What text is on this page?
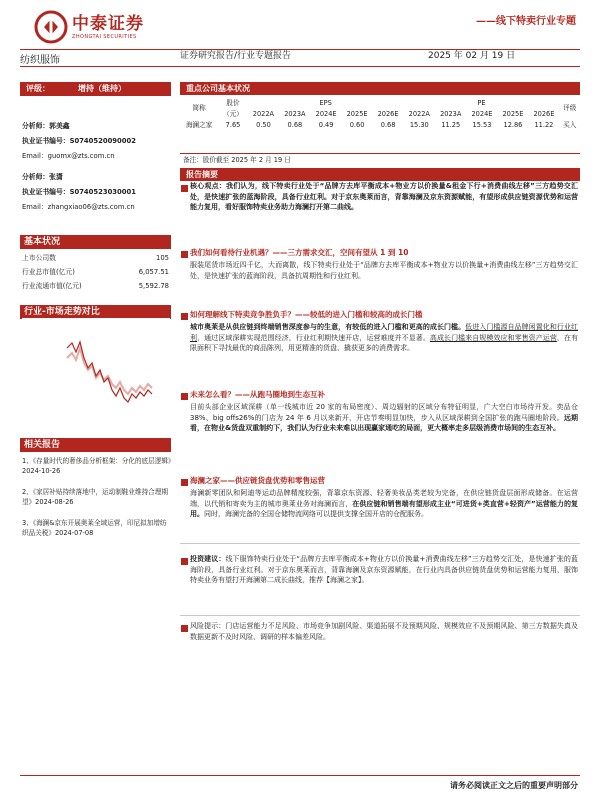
中泰证券
ZHONGTAI SECURITIES
——线下特卖行业专题
纺织服饰	证券研究报告/行业专题报告	2025 年 02 月 19 日
评级：	增持（维持）
分析师：郭美鑫
执业证书编号：S0740520090002
Email：guomx@zts.com.cn
分析师：张潇
执业证书编号：S0740523030001
Email：zhangxiao06@zts.com.cn
基本状况
上市公司数	105
行业总市值(亿元)	6,057.51
行业流通市值(亿元)	5,592.78
行业-市场走势对比
相关报告
1、《存量时代的奢侈品分析框架：分化的底层逻辑》2024-10-26
2、《家居补贴持续落地中，运动制鞋业维持合理期望》2024-08-26
3、《海澜&京东开展奥莱全域运营，印尼拟加增纺织品关税》2024-07-08
重点公司基本状况
简称	股价	EPS					PE					评级
	（元）	2022A	2023A	2024E	2025E	2026E	2022A	2023A	2024E	2025E	2026E	
海澜之家	7.65	0.50	0.68	0.49	0.60	0.68	15.30	11.25	15.53	12.86	11.22	买入
备注：股价截至 2025 年 2 月 19 日
报告摘要
核心观点：我们认为，线下特卖行业处于“品牌方去库平衡成本+物业方以价换量&租金下行+消费曲线左移”三方趋势交汇处，是快速扩张的蓝海阶段，具备行业红利。对于京东奥莱而言，背靠海澜及京东资源赋能，有望形成供应链资源优势和运营能力复用，看好服饰特卖业务助力海澜打开第二曲线。
我们如何看待行业机遇？——三方需求交汇，空间有望从 1 到 10
服装尾货市场近四千亿，大而离散，线下特卖行业处于“品牌方去库平衡成本+物业方以价换量+消费曲线左移”三方趋势交汇处，是快速扩张的蓝海阶段，具备抗周期性和行业红利。
如何理解线下特卖竞争胜负手？——较低的进入门槛和较高的成长门槛
城市奥莱是从供应链到终端销售深度参与的生意，有较低的进入门槛和更高的成长门槛。低进入门槛源自品牌闲置化和行业红利，通过区域深耕实现范围经济，行业红利期快速开店，运营难度并不显著。高成长门槛来自规模效应和零售资产运营，在有限面积下寻找最优的商品陈列，用更精准的货盘、撬获更多的消费需求。
未来怎么看？——从跑马圈地到生态互补
目前头部企业区域深耕（单一线城市近 20 家的布局密度）、周边辐射的区域分布特征明显，广大空白市场待开发。奕品仓 38%、big offs26%的门店为 24 年 6 月以来新开，开店节奏明显加快，步入从区域深耕到全国扩张的跑马圈地阶段。远期看，在物业&货盘双重制约下，我们认为行业未来难以出现赢家通吃的局面，更大概率走多层级消费市场间的生态互补。
海澜之家——供应链货盘优势和零售运营
海澜新零团队和阿迪等运动品牌精度较强，背靠京东资源、轻奢美妆品类老较为完备，在供应链货盘层面形成储备。在运营端，以代销和寄卖为主的城市奥莱业务对海澜而言，在供应链和销售端有望形成主业“可进货+类直营+轻资产”运营能力的复用。同时，海澜完备的全国仓储物流网络可以提供支撑全国开店的仓配服务。
投资建议：线下服饰特卖行业处于“品牌方去库平衡成本+物业方以价换量+消费曲线左移”三方趋势交汇处，是快速扩张的蓝海阶段，具备行业红利。对于京东奥莱而言，背靠海澜及京东资源赋能，在行业内具备供应链货盘优势和运营能力复用，服饰特卖业务有望打开海澜第二成长曲线，推荐【海澜之家】。
风险提示：门店运营能力不足风险、市场竞争加剧风险、渠道拓展不及预期风险、规模效应不及预期风险、第三方数据失真及数据更新不及时风险、调研的样本偏差风险。
请务必阅读正文之后的重要声明部分
